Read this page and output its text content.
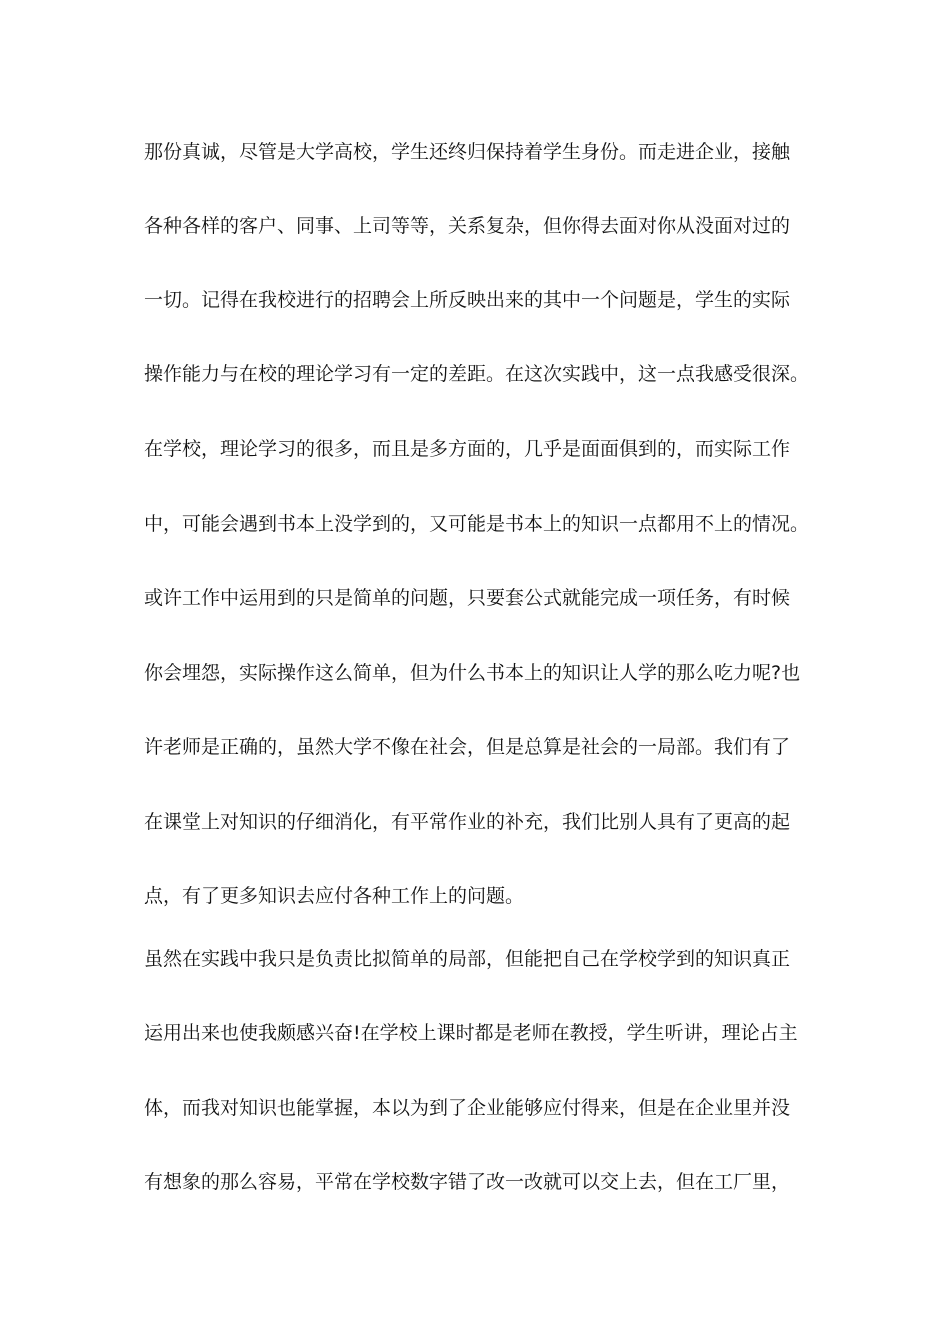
那份真诚，尽管是大学高校，学生还终归保持着学生身份。而走进企业，接触
各种各样的客户、同事、上司等等，关系复杂，但你得去面对你从没面对过的
一切。记得在我校进行的招聘会上所反映出来的其中一个问题是，学生的实际
操作能力与在校的理论学习有一定的差距。在这次实践中，这一点我感受很深。
在学校，理论学习的很多，而且是多方面的，几乎是面面俱到的，而实际工作
中，可能会遇到书本上没学到的，又可能是书本上的知识一点都用不上的情况。
或许工作中运用到的只是简单的问题，只要套公式就能完成一项任务，有时候
你会埋怨，实际操作这么简单，但为什么书本上的知识让人学的那么吃力呢?也
许老师是正确的，虽然大学不像在社会，但是总算是社会的一局部。我们有了
在课堂上对知识的仔细消化，有平常作业的补充，我们比别人具有了更高的起
点，有了更多知识去应付各种工作上的问题。
虽然在实践中我只是负责比拟简单的局部，但能把自己在学校学到的知识真正
运用出来也使我颇感兴奋!在学校上课时都是老师在教授，学生听讲，理论占主
体，而我对知识也能掌握，本以为到了企业能够应付得来，但是在企业里并没
有想象的那么容易，平常在学校数字错了改一改就可以交上去，但在工厂里，
